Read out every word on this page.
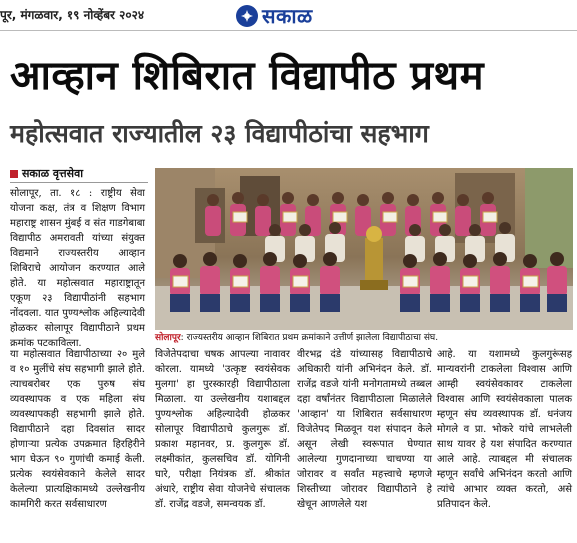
पूर, मंगळवार, १९ नोव्हेंबर २०२४	सकाळ
आव्हान शिबिरात विद्यापीठ प्रथम
महोत्सवात राज्यातील २३ विद्यापीठांचा सहभाग
सकाळ वृत्तसेवा
सोलापूर, ता. १८ : राष्ट्रीय सेवा योजना कक्ष, तंत्र व शिक्षण विभाग महाराष्ट्र शासन मुंबई व संत गाडगेबाबा विद्यापीठ अमरावती यांच्या संयुक्त विद्यमाने राज्यस्तरीय आव्हान शिबिराचे आयोजन करण्यात आले होते. या महोत्सवात महाराष्ट्रातून एकूण २३ विद्यापीठांनी सहभाग नोंदवला. यात पुण्यश्लोक अहिल्यादेवी होळकर सोलापूर विद्यापीठाने प्रथम क्रमांक पटकावित्ला.	सोलापूर: राज्यस्तरीय आव्हान शिबिरात प्रथम क्रमांकाने उत्तीर्ण झालेला विद्यापीठाचा संघ.
या महोत्सवात विद्यापीठाच्या २० मुले व १० मुलींचे संघ सहभागी झाले होते. त्याचबरोबर एक पुरुष संघ व्यवस्थापक व एक महिला संघ व्यवस्थापकही सहभागी झाले होते. विद्यापीठाने दहा दिवसांत सादर होणाऱ्या प्रत्येक उपक्रमात हिरहिरीने भाग घेऊन ९० गुणांची कमाई केली. प्रत्येक स्वयंसेवकाने केलेले सादर केलेल्या प्रात्यक्षिकामध्ये उल्लेखनीय कामगिरी करत सर्वसाधारण
विजेतेपदाचा चषक आपल्या नावावर कोरला. यामध्ये 'उत्कृष्ट स्वयंसेवक मुलगा' हा पुरस्कारही विद्यापीठाला मिळाला. या उल्लेखनीय यशाबद्दल पुण्यश्लोक अहिल्यादेवी होळकर सोलापूर विद्यापीठाचे कुलगुरू डॉ. प्रकाश महानवर, प्र. कुलगुरू डॉ. लक्ष्मीकांत, कुलसचिव डॉ. योगिनी घारे, परीक्षा नियंत्रक डॉ. श्रीकांत अंधारे, राष्ट्रीय सेवा योजनेचे संचालक डॉ. राजेंद्र वडजे, समन्वयक डॉ.
वीरभद्र दंडे यांच्यासह विद्यापीठाचे अधिकारी यांनी अभिनंदन केले. डॉ. राजेंद्र वडजे यांनी मनोगतामध्ये तब्बल दहा वर्षांनंतर विद्यापीठाला मिळालेले 'आव्हान' या शिबिरात सर्वसाधारण विजेतेपद मिळवून यश संपादन केले असून लेखी स्वरूपात घेण्यात आलेल्या गुणदानाच्या चाचण्या या जोरावर व सर्वांत महत्त्वाचे म्हणजे शिस्तीच्या जोरावर विद्यापीठाने हे खेचून आणलेले यश
आहे. या यशामध्ये कुलगुरूंसह मान्यवरांनी टाकलेला विश्वास आणि आम्ही स्वयंसेवकावर टाकलेला विश्वास आणि स्वयंसेवकाला पालक म्हणून संघ व्यवस्थापक डॉ. धनंजय मोगले व प्रा. भोकरे यांचे लाभलेली साथ यावर हे यश संपादित करण्यात आले आहे. त्याबद्दल मी संचालक म्हणून सर्वांचे अभिनंदन करतो आणि त्यांचे आभार व्यक्त करतो, असे प्रतिपादन केले.
